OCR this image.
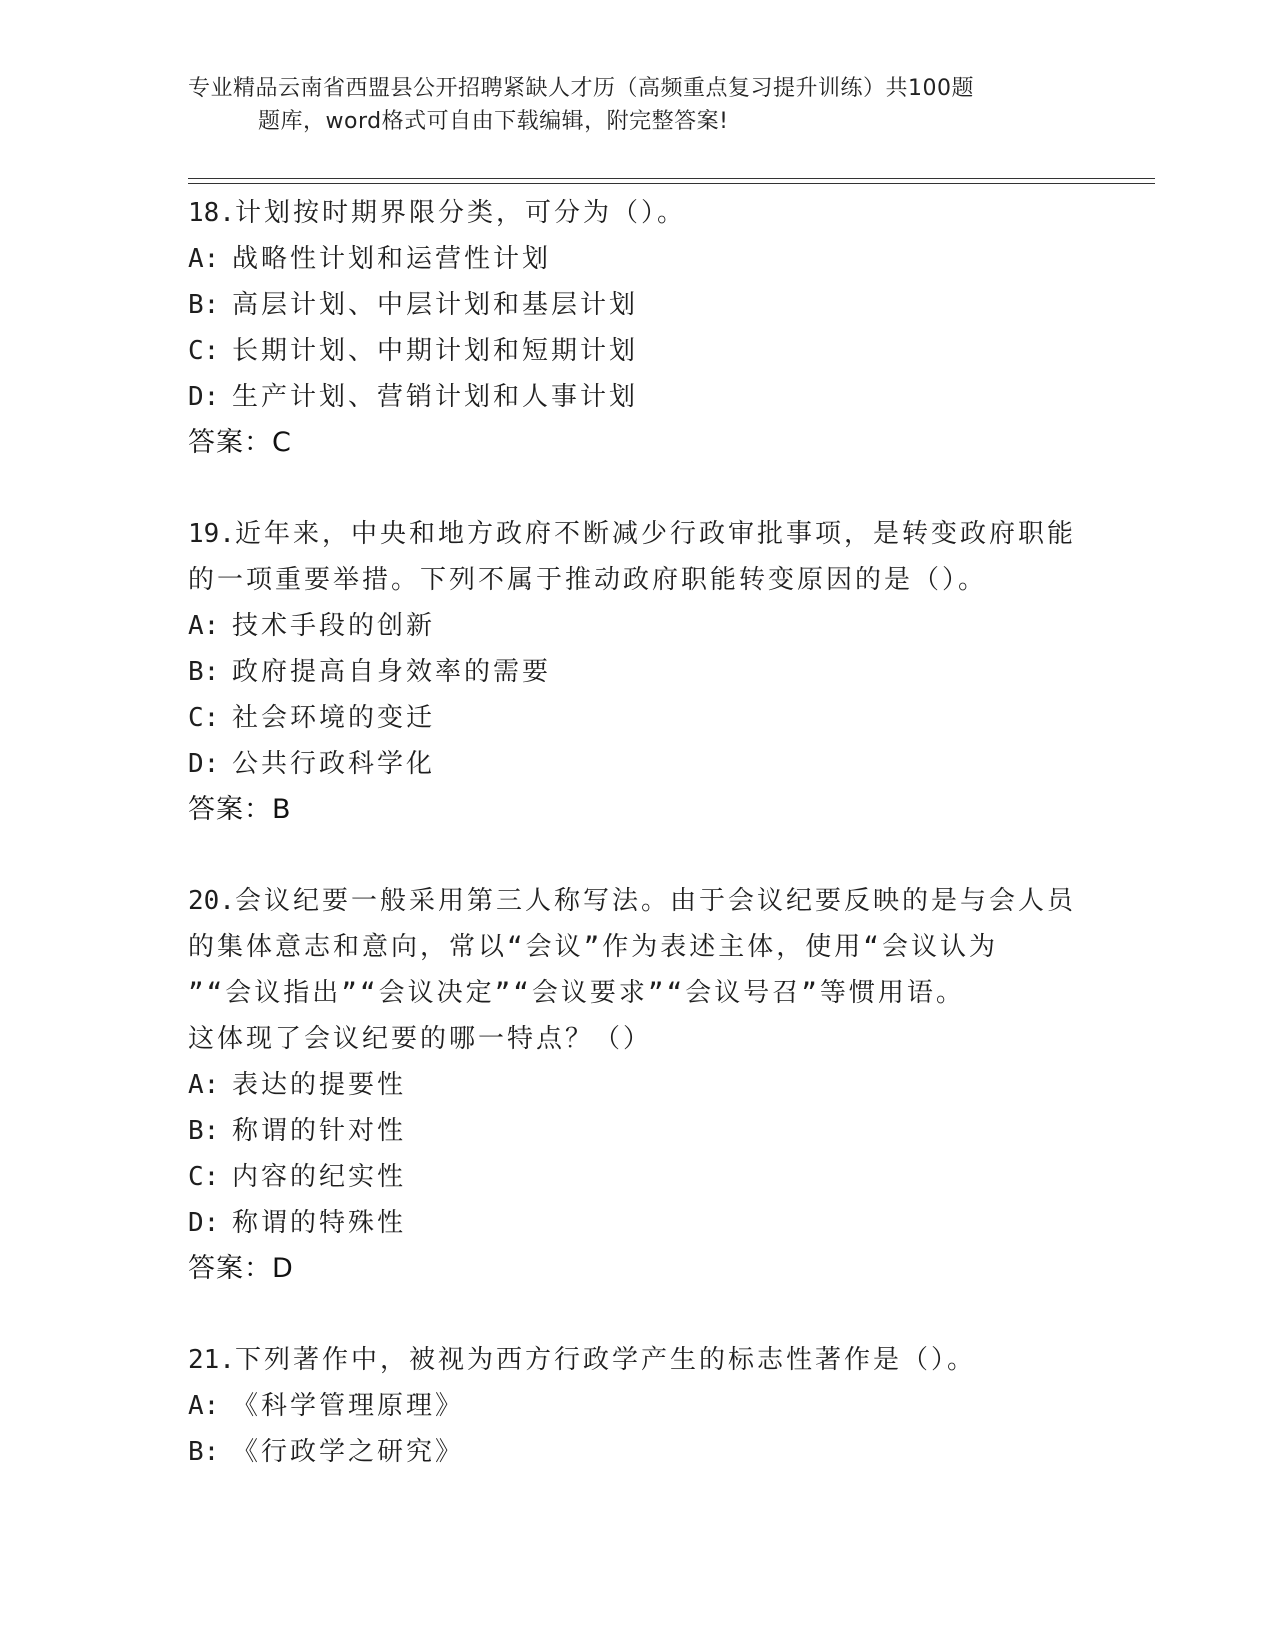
专业精品云南省西盟县公开招聘紧缺人才历（高频重点复习提升训练）共100题
题库，word格式可自由下载编辑，附完整答案!
18.计划按时期界限分类，可分为（）。
A: 战略性计划和运营性计划
B: 高层计划、中层计划和基层计划
C: 长期计划、中期计划和短期计划
D: 生产计划、营销计划和人事计划
答案：C
19.近年来，中央和地方政府不断减少行政审批事项，是转变政府职能
的一项重要举措。下列不属于推动政府职能转变原因的是（）。
A: 技术手段的创新
B: 政府提高自身效率的需要
C: 社会环境的变迁
D: 公共行政科学化
答案：B
20.会议纪要一般采用第三人称写法。由于会议纪要反映的是与会人员
的集体意志和意向，常以“会议”作为表述主体，使用“会议认为
”“会议指出”“会议决定”“会议要求”“会议号召”等惯用语。
这体现了会议纪要的哪一特点？（）
A: 表达的提要性
B: 称谓的针对性
C: 内容的纪实性
D: 称谓的特殊性
答案：D
21.下列著作中，被视为西方行政学产生的标志性著作是（）。
A: 《科学管理原理》
B: 《行政学之研究》
